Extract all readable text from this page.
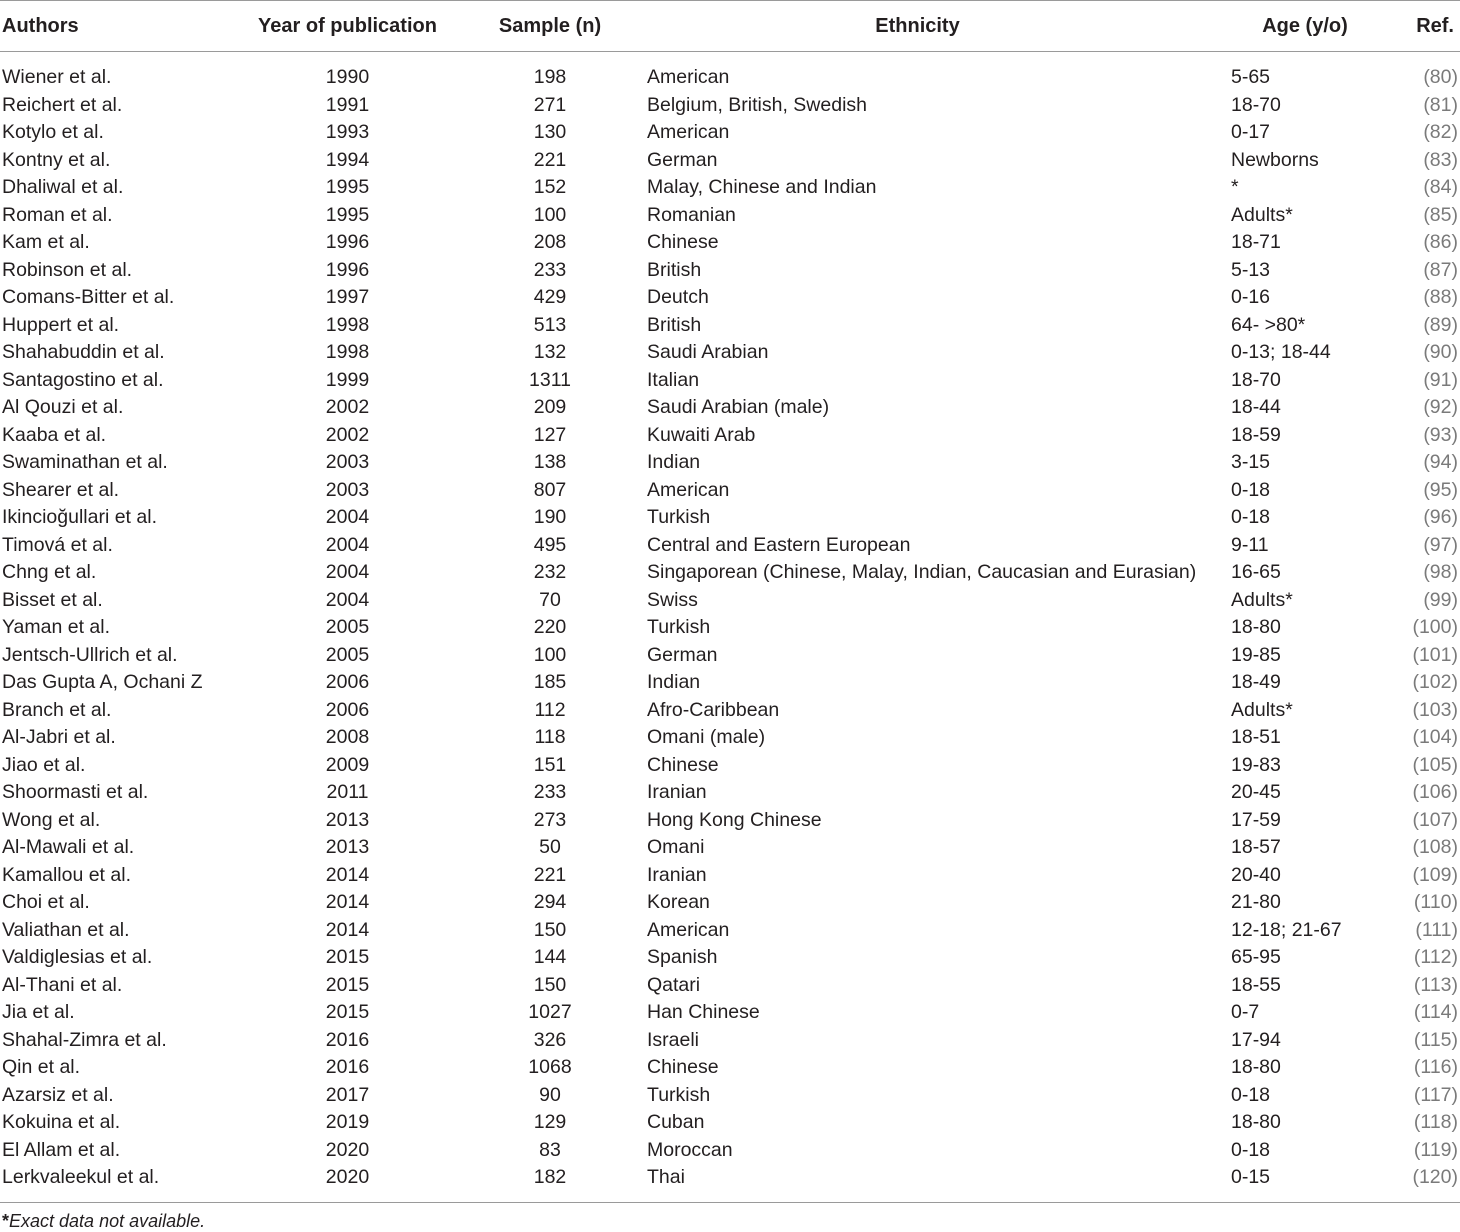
Authors	Year of publication	Sample (n)	Ethnicity	Age (y/o)	Ref.
Wiener et al.	1990	198	American	5-65	(80)
Reichert et al.	1991	271	Belgium, British, Swedish	18-70	(81)
Kotylo et al.	1993	130	American	0-17	(82)
Kontny et al.	1994	221	German	Newborns	(83)
Dhaliwal et al.	1995	152	Malay, Chinese and Indian	*	(84)
Roman et al.	1995	100	Romanian	Adults*	(85)
Kam et al.	1996	208	Chinese	18-71	(86)
Robinson et al.	1996	233	British	5-13	(87)
Comans-Bitter et al.	1997	429	Deutch	0-16	(88)
Huppert et al.	1998	513	British	64- >80*	(89)
Shahabuddin et al.	1998	132	Saudi Arabian	0-13; 18-44	(90)
Santagostino et al.	1999	1311	Italian	18-70	(91)
Al Qouzi et al.	2002	209	Saudi Arabian (male)	18-44	(92)
Kaaba et al.	2002	127	Kuwaiti Arab	18-59	(93)
Swaminathan et al.	2003	138	Indian	3-15	(94)
Shearer et al.	2003	807	American	0-18	(95)
Ikincioğullari et al.	2004	190	Turkish	0-18	(96)
Timová et al.	2004	495	Central and Eastern European	9-11	(97)
Chng et al.	2004	232	Singaporean (Chinese, Malay, Indian, Caucasian and Eurasian)	16-65	(98)
Bisset et al.	2004	70	Swiss	Adults*	(99)
Yaman et al.	2005	220	Turkish	18-80	(100)
Jentsch-Ullrich et al.	2005	100	German	19-85	(101)
Das Gupta A, Ochani Z	2006	185	Indian	18-49	(102)
Branch et al.	2006	112	Afro-Caribbean	Adults*	(103)
Al-Jabri et al.	2008	118	Omani (male)	18-51	(104)
Jiao et al.	2009	151	Chinese	19-83	(105)
Shoormasti et al.	2011	233	Iranian	20-45	(106)
Wong et al.	2013	273	Hong Kong Chinese	17-59	(107)
Al-Mawali et al.	2013	50	Omani	18-57	(108)
Kamallou et al.	2014	221	Iranian	20-40	(109)
Choi et al.	2014	294	Korean	21-80	(110)
Valiathan et al.	2014	150	American	12-18; 21-67	(111)
Valdiglesias et al.	2015	144	Spanish	65-95	(112)
Al-Thani et al.	2015	150	Qatari	18-55	(113)
Jia et al.	2015	1027	Han Chinese	0-7	(114)
Shahal-Zimra et al.	2016	326	Israeli	17-94	(115)
Qin et al.	2016	1068	Chinese	18-80	(116)
Azarsiz et al.	2017	90	Turkish	0-18	(117)
Kokuina et al.	2019	129	Cuban	18-80	(118)
El Allam et al.	2020	83	Moroccan	0-18	(119)
Lerkvaleekul et al.	2020	182	Thai	0-15	(120)
*Exact data not available.
